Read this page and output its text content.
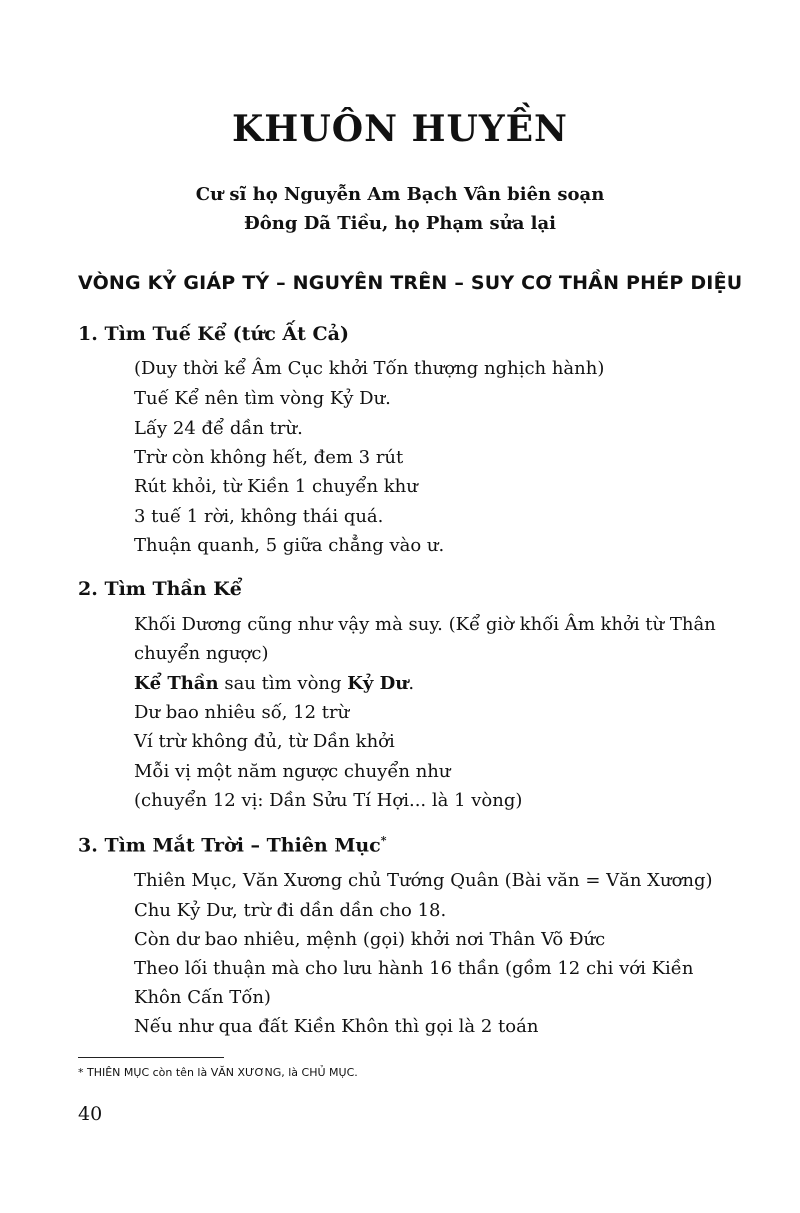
KHUÔN HUYỀN

Cư sĩ họ Nguyễn Am Bạch Vân biên soạn

Đông Dã Tiều, họ Phạm sửa lại

VÒNG KỶ GIÁP TÝ – NGUYÊN TRÊN – SUY CƠ THẦN PHÉP DIỆU
1. Tìm Tuế Kể (tức Ất Cả)

(Duy thời kể Âm Cục khởi Tốn thượng nghịch hành)

Tuế Kể nên tìm vòng Kỷ Dư.

Lấy 24 để dần trừ.

Trừ còn không hết, đem 3 rút

Rút khỏi, từ Kiền 1 chuyển khư

3 tuế 1 rời, không thái quá.

Thuận quanh, 5 giữa chẳng vào ư.

2. Tìm Thần Kể

Khối Dương cũng như vậy mà suy. (Kể giờ khối Âm khởi từ Thân

chuyển ngược)

Kể Thần sau tìm vòng Kỷ Dư.

Dư bao nhiêu số, 12 trừ

Ví trừ không đủ, từ Dần khởi

Mỗi vị một năm ngược chuyển như

(chuyển 12 vị: Dần Sửu Tí Hợi... là 1 vòng)

3. Tìm Mắt Trời – Thiên Mục*

Thiên Mục, Văn Xương chủ Tướng Quân (Bài văn = Văn Xương)

Chu Kỷ Dư, trừ đi dần dần cho 18.

Còn dư bao nhiêu, mệnh (gọi) khởi nơi Thân Võ Đức

Theo lối thuận mà cho lưu hành 16 thần (gồm 12 chi với Kiền

Khôn Cấn Tốn)

Nếu như qua đất Kiền Khôn thì gọi là 2 toán

* THIÊN MỤC còn tên là VĂN XƯƠNG, là CHỦ MỤC.

40
